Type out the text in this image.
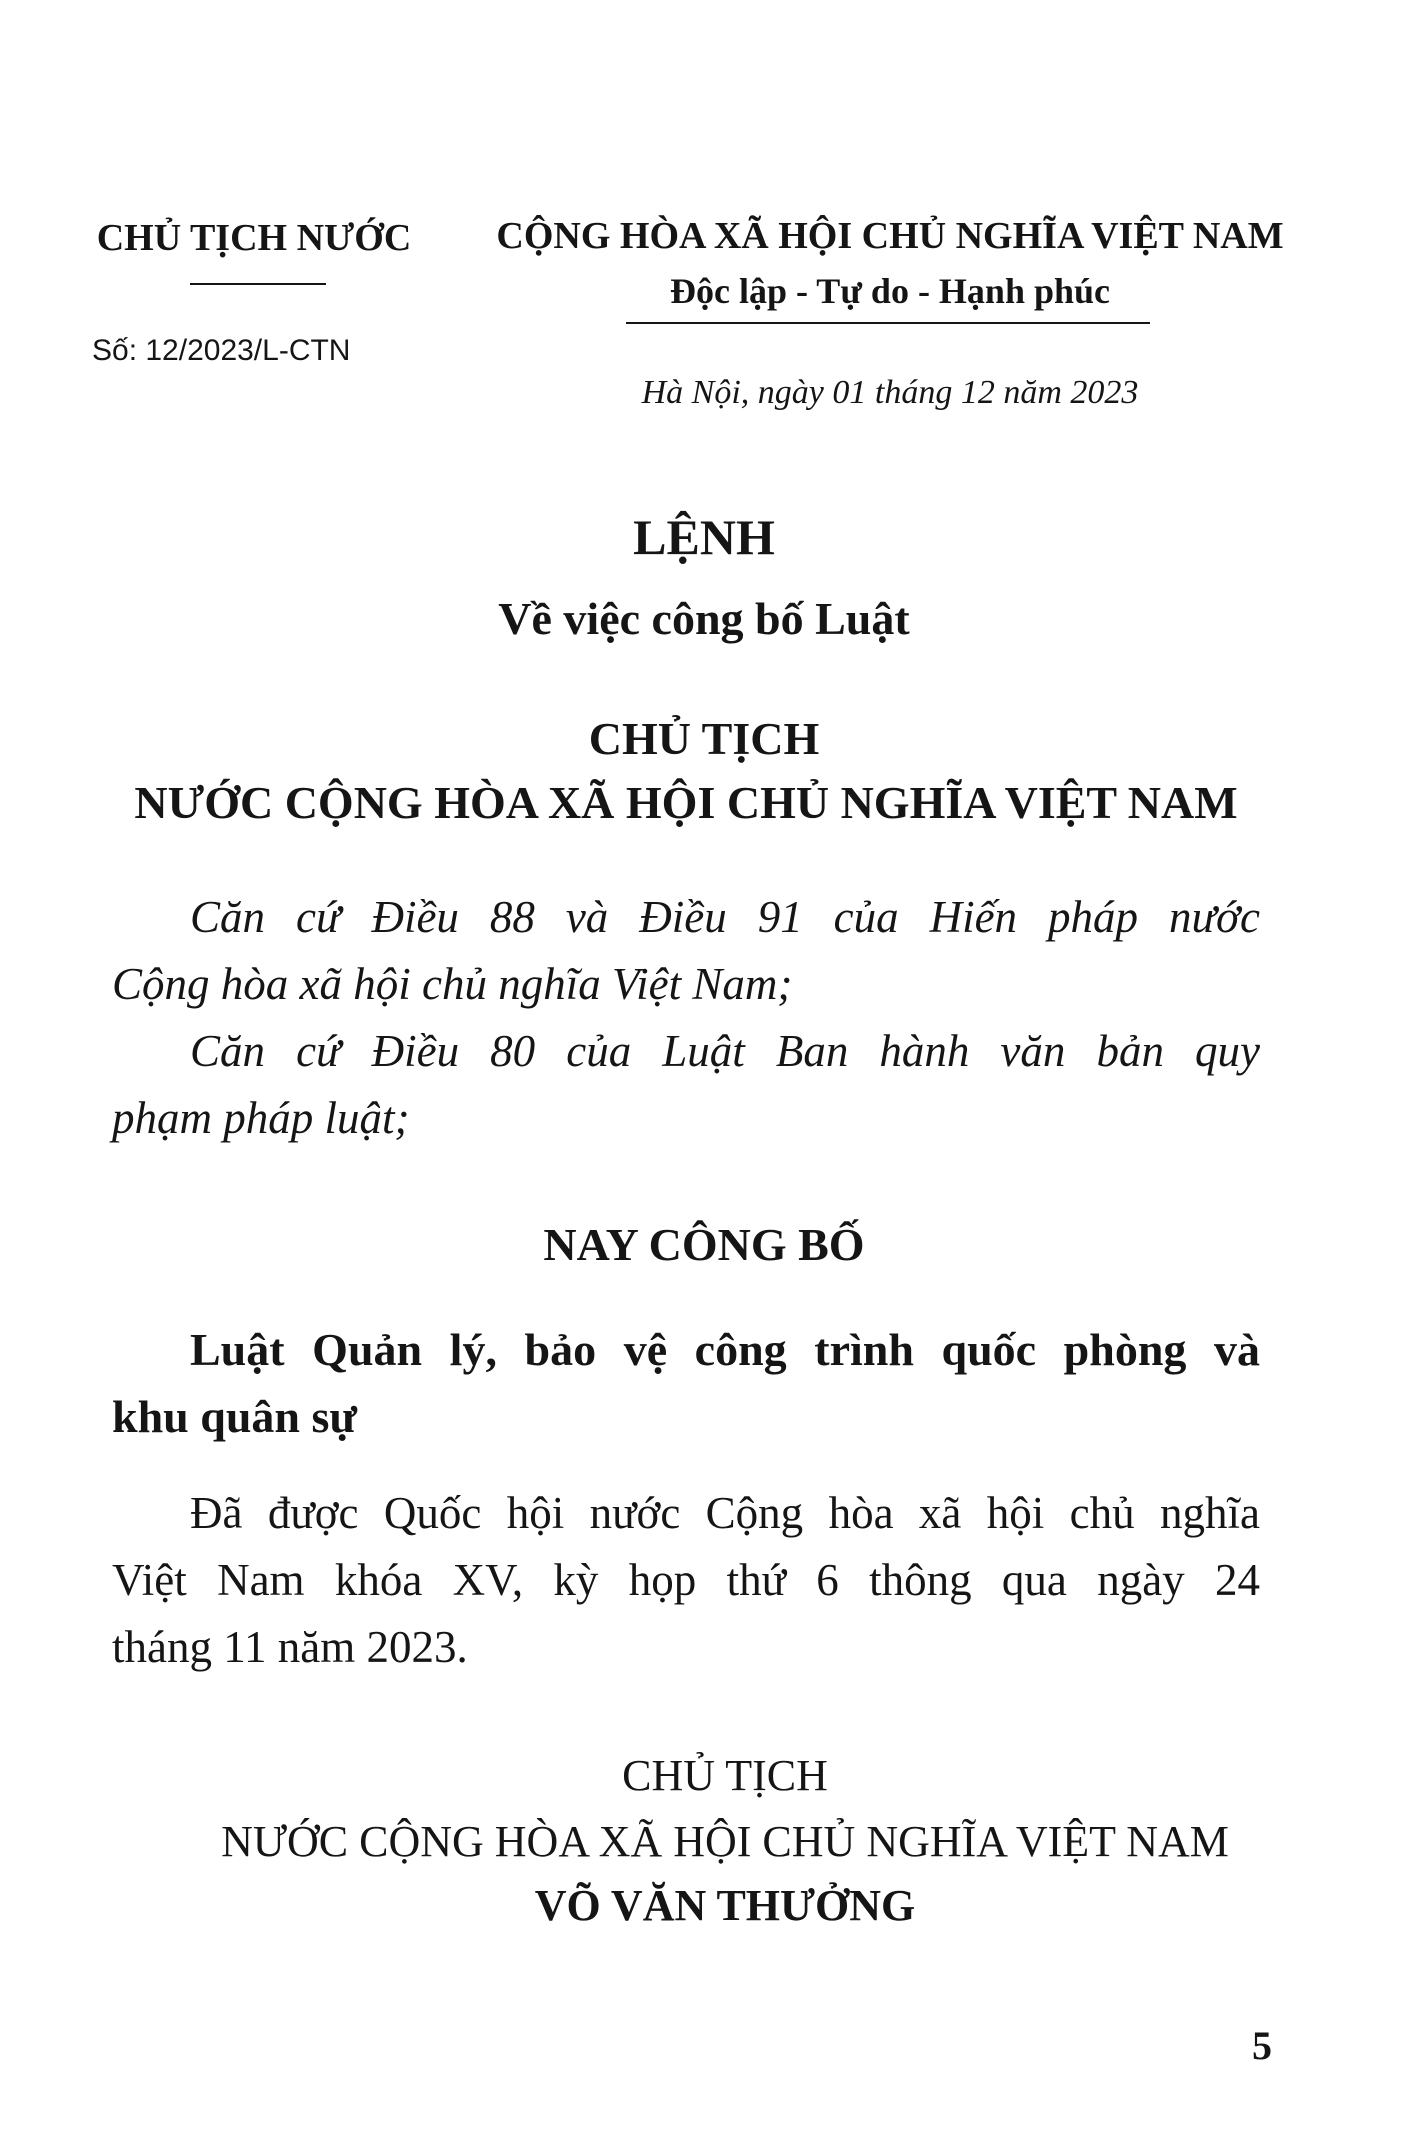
CHỦ TỊCH NƯỚC
Số: 12/2023/L-CTN
CỘNG HÒA XÃ HỘI CHỦ NGHĨA VIỆT NAM
Độc lập - Tự do - Hạnh phúc
Hà Nội, ngày 01 tháng 12 năm 2023
LỆNH
Về việc công bố Luật
CHỦ TỊCH
NƯỚC CỘNG HÒA XÃ HỘI CHỦ NGHĨA VIỆT NAM
Căn cứ Điều 88 và Điều 91 của Hiến pháp nước
Cộng hòa xã hội chủ nghĩa Việt Nam;
Căn cứ Điều 80 của Luật Ban hành văn bản quy
phạm pháp luật;
NAY CÔNG BỐ
Luật Quản lý, bảo vệ công trình quốc phòng và
khu quân sự
Đã được Quốc hội nước Cộng hòa xã hội chủ nghĩa
Việt Nam khóa XV, kỳ họp thứ 6 thông qua ngày 24
tháng 11 năm 2023.
CHỦ TỊCH
NƯỚC CỘNG HÒA XÃ HỘI CHỦ NGHĨA VIỆT NAM
VÕ VĂN THƯỞNG
5
